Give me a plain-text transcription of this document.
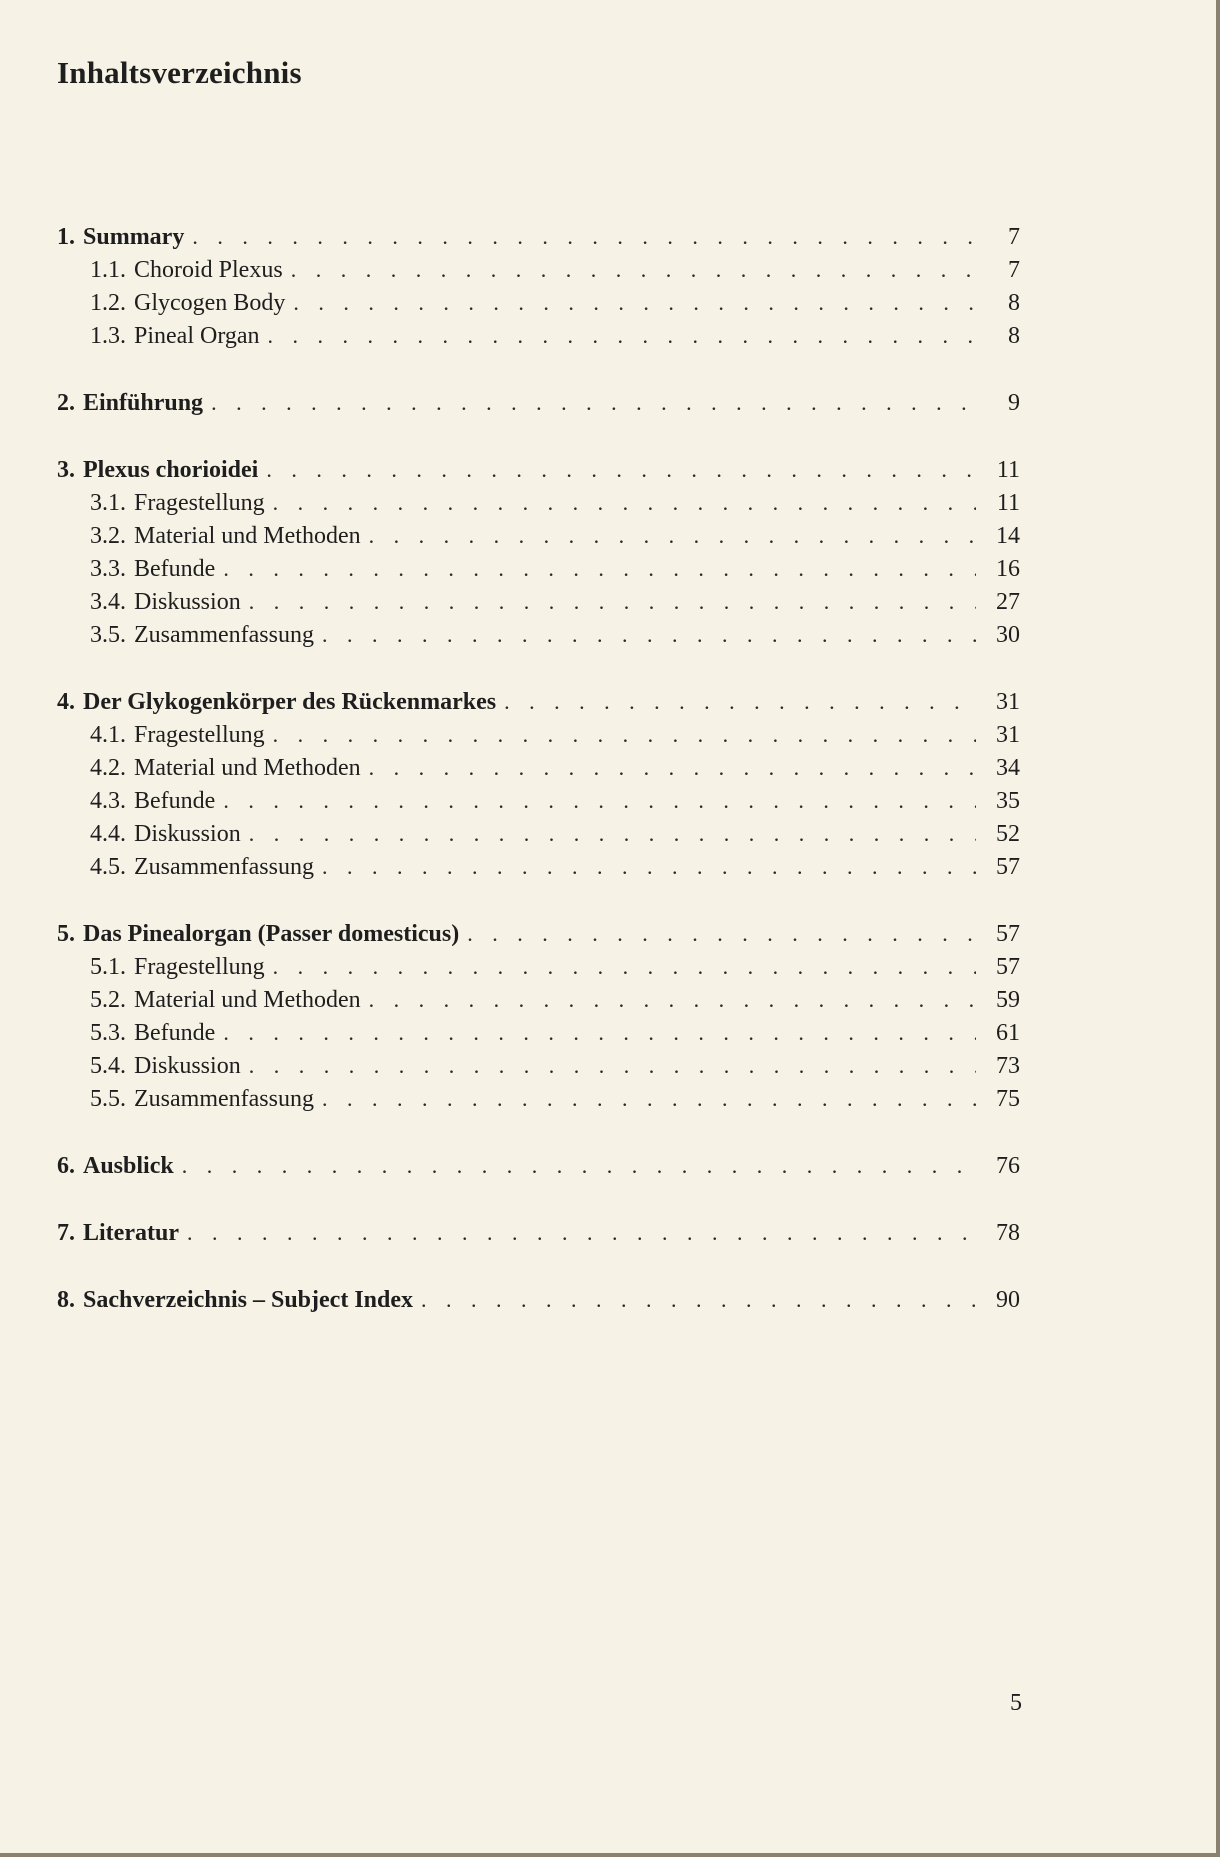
Inhaltsverzeichnis
1. Summary . . .	7
1.1. Choroid Plexus . . .	7
1.2. Glycogen Body . . .	8
1.3. Pineal Organ . . .	8
2. Einführung . . .	9
3. Plexus chorioidei . . .	11
3.1. Fragestellung . . .	11
3.2. Material und Methoden . . .	14
3.3. Befunde . . .	16
3.4. Diskussion . . .	27
3.5. Zusammenfassung . . .	30
4. Der Glykogenkörper des Rückenmarkes . . .	31
4.1. Fragestellung . . .	31
4.2. Material und Methoden . . .	34
4.3. Befunde . . .	35
4.4. Diskussion . . .	52
4.5. Zusammenfassung . . .	57
5. Das Pinealorgan (Passer domesticus) . . .	57
5.1. Fragestellung . . .	57
5.2. Material und Methoden . . .	59
5.3. Befunde . . .	61
5.4. Diskussion . . .	73
5.5. Zusammenfassung . . .	75
6. Ausblick . . .	76
7. Literatur . . .	78
8. Sachverzeichnis – Subject Index . . .	90
5
